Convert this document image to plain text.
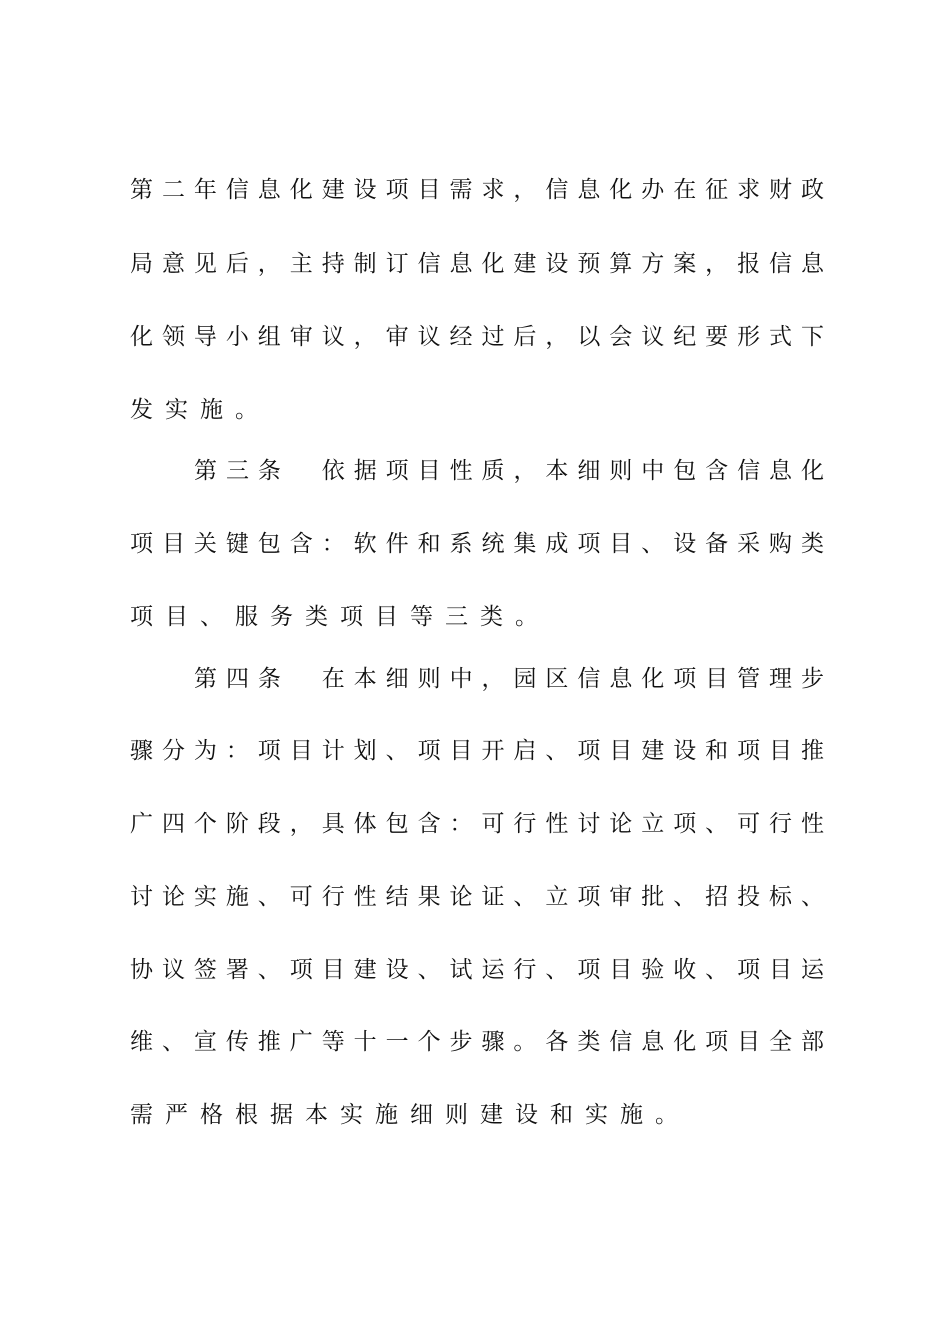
第二年信息化建设项目需求，信息化办在征求财政
局意见后，主持制订信息化建设预算方案，报信息
化领导小组审议，审议经过后，以会议纪要形式下
发实施。
第三条　依据项目性质，本细则中包含信息化
项目关键包含：软件和系统集成项目、设备采购类
项目、服务类项目等三类。
第四条　在本细则中，园区信息化项目管理步
骤分为：项目计划、项目开启、项目建设和项目推
广四个阶段，具体包含：可行性讨论立项、可行性
讨论实施、可行性结果论证、立项审批、招投标、
协议签署、项目建设、试运行、项目验收、项目运
维、宣传推广等十一个步骤。各类信息化项目全部
需严格根据本实施细则建设和实施。
